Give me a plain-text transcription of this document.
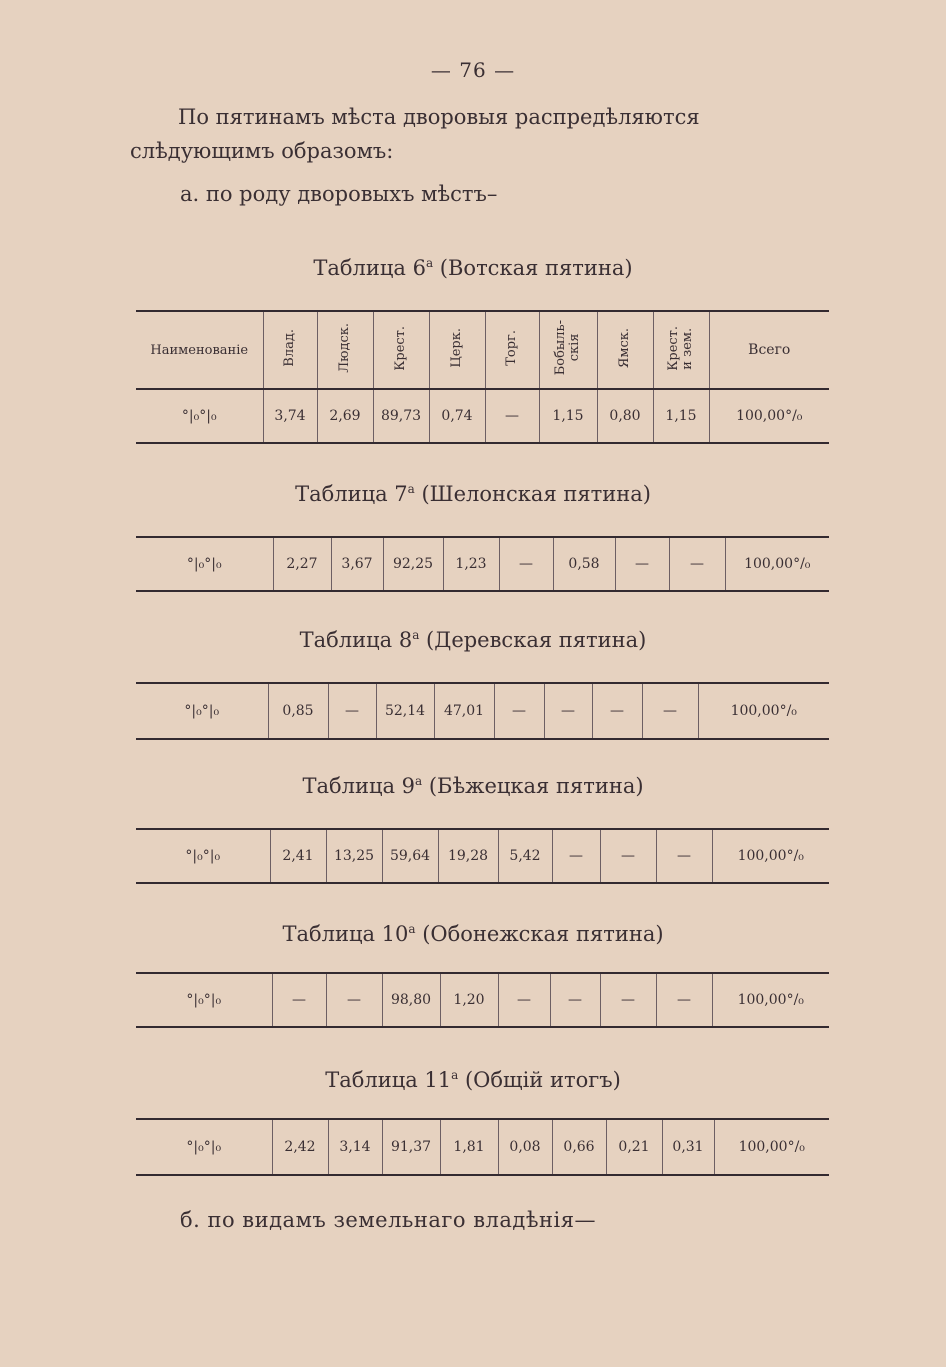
— 76 —
По пятинамъ мѣста дворовыя распредѣляются слѣдующимъ образомъ:
а. по роду дворовыхъ мѣстъ–
Таблица $6^а$ (Вотская пятина)
Наименованіе	Влад.	Людск.	Крест.	Церк.	Торг.	Бобыль-
скія	Ямск.	Крест.
и зем.	Всего
°|₀°|₀	3,74	2,69	89,73	0,74	—	1,15	0,80	1,15	100,00°/₀
Таблица $7^а$ (Шелонская пятина)
°|₀°|₀	2,27	3,67	92,25	1,23	—	0,58	—	—	100,00°/₀
Таблица $8^а$ (Деревская пятина)
°|₀°|₀	0,85	—	52,14	47,01	—	—	—	—	100,00°/₀
Таблица $9^а$ (Бѣжецкая пятина)
°|₀°|₀	2,41	13,25	59,64	19,28	5,42	—	—	—	100,00°/₀
Таблица $10^а$ (Обонежская пятина)
°|₀°|₀	—	—	98,80	1,20	—	—	—	—	100,00°/₀
Таблица $11^а$ (Общій итогъ)
°|₀°|₀	2,42	3,14	91,37	1,81	0,08	0,66	0,21	0,31	100,00°/₀
б. по видамъ земельнаго владѣнія—
